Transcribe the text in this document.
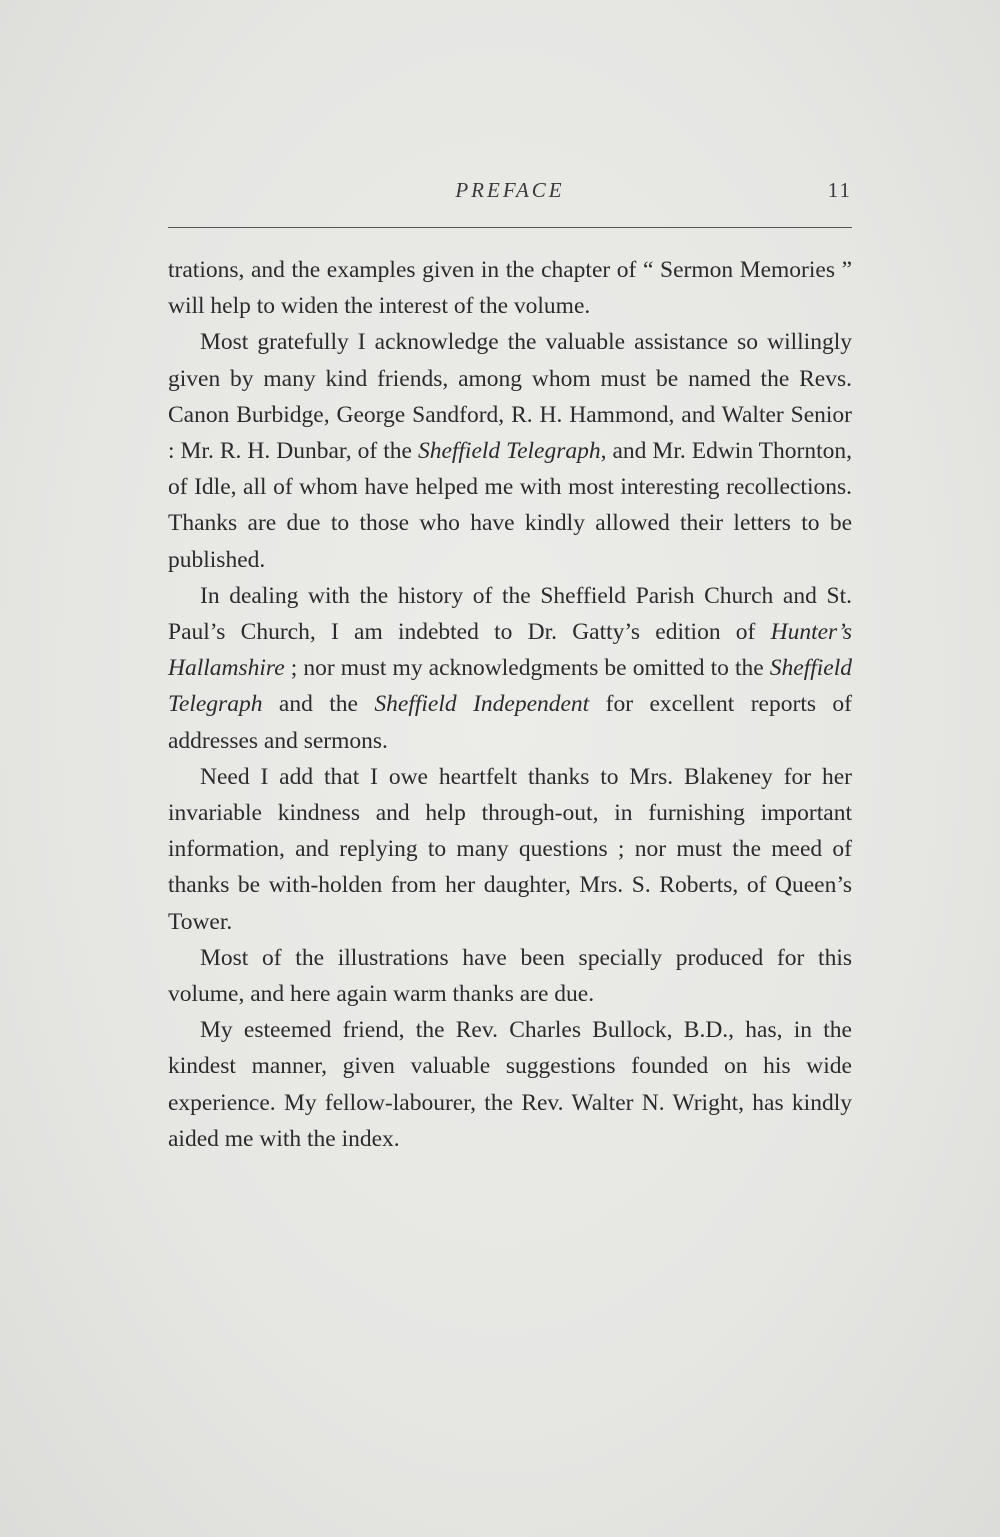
PREFACE	11

trations, and the examples given in the chapter of “ Sermon Memories ” will help to widen the interest of the volume.

Most gratefully I acknowledge the valuable assistance so willingly given by many kind friends, among whom must be named the Revs. Canon Burbidge, George Sandford, R. H. Hammond, and Walter Senior : Mr. R. H. Dunbar, of the Sheffield Telegraph, and Mr. Edwin Thornton, of Idle, all of whom have helped me with most interesting recollections. Thanks are due to those who have kindly allowed their letters to be published.

In dealing with the history of the Sheffield Parish Church and St. Paul’s Church, I am indebted to Dr. Gatty’s edition of Hunter’s Hallamshire ; nor must my acknowledgments be omitted to the Sheffield Telegraph and the Sheffield Independent for excellent reports of addresses and sermons.

Need I add that I owe heartfelt thanks to Mrs. Blakeney for her invariable kindness and help through-out, in furnishing important information, and replying to many questions ; nor must the meed of thanks be with-holden from her daughter, Mrs. S. Roberts, of Queen’s Tower.

Most of the illustrations have been specially produced for this volume, and here again warm thanks are due.

My esteemed friend, the Rev. Charles Bullock, B.D., has, in the kindest manner, given valuable suggestions founded on his wide experience. My fellow-labourer, the Rev. Walter N. Wright, has kindly aided me with the index.
